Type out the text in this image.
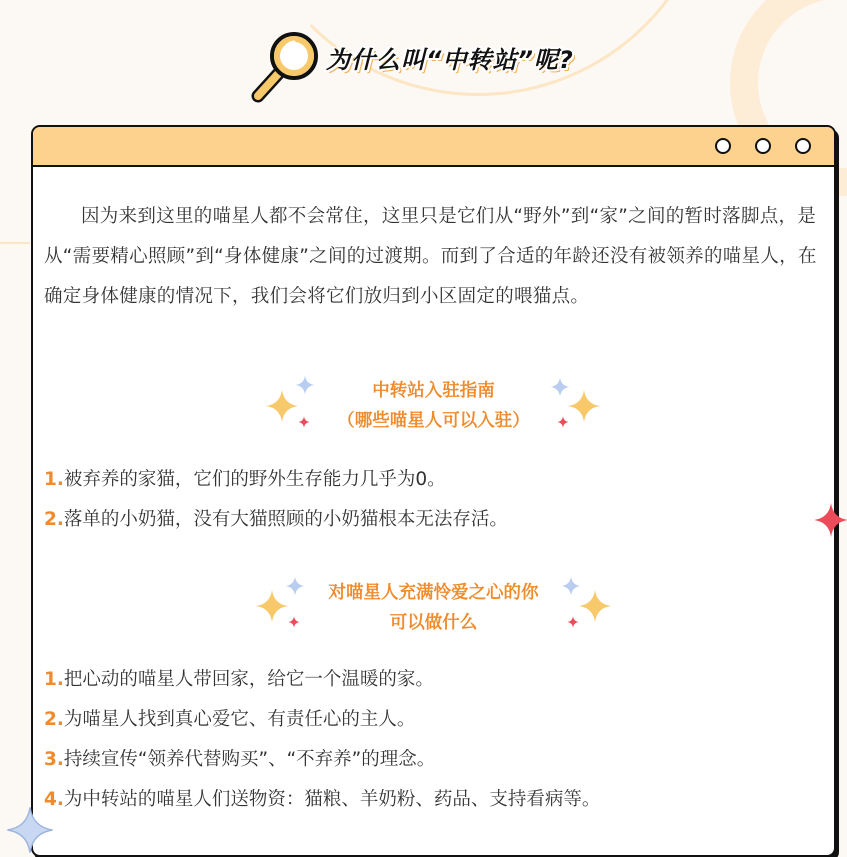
为什么叫“中转站”呢?
因为来到这里的喵星人都不会常住，这里只是它们从“野外”到“家”之间的暂时落脚点，是从“需要精心照顾”到“身体健康”之间的过渡期。而到了合适的年龄还没有被领养的喵星人，在确定身体健康的情况下，我们会将它们放归到小区固定的喂猫点。
中转站入驻指南
（哪些喵星人可以入驻）
1.被弃养的家猫，它们的野外生存能力几乎为0。
2.落单的小奶猫，没有大猫照顾的小奶猫根本无法存活。
对喵星人充满怜爱之心的你
可以做什么
1.把心动的喵星人带回家，给它一个温暖的家。
2.为喵星人找到真心爱它、有责任心的主人。
3.持续宣传“领养代替购买”、“不弃养”的理念。
4.为中转站的喵星人们送物资：猫粮、羊奶粉、药品、支持看病等。
